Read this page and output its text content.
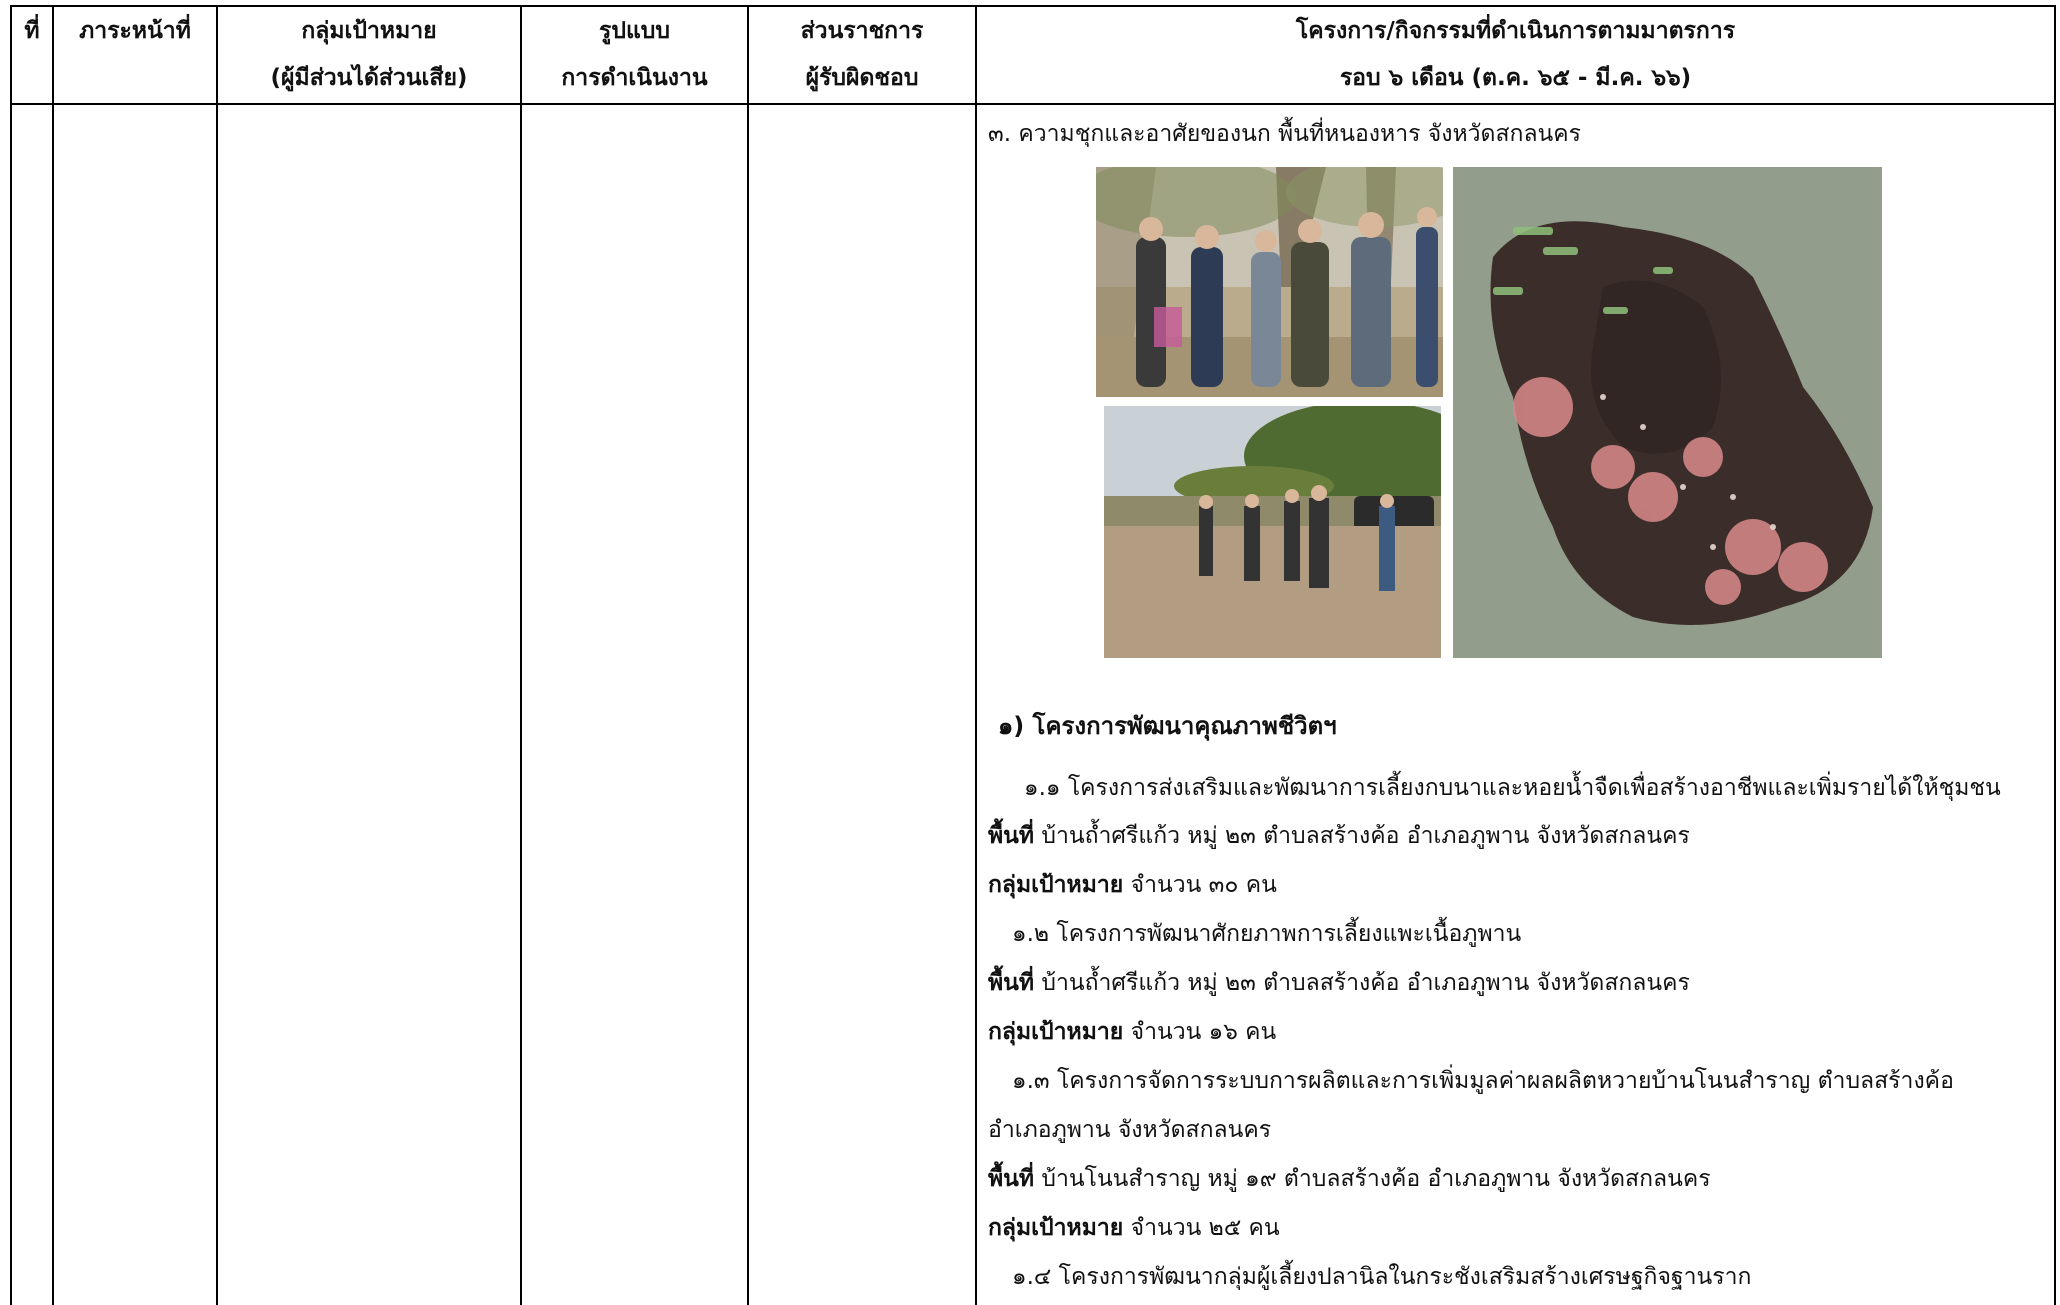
ที่ ภาระหน้าที่	กลุ่มเป้าหมาย
(ผู้มีส่วนได้ส่วนเสีย)
รูปแบบ
การดำเนินงาน
ส่วนราชการ
ผู้รับผิดชอบ
โครงการ/กิจกรรมที่ดำเนินการตามมาตรการ
รอบ ๖ เดือน (ต.ค. ๖๕ - มี.ค. ๖๖)
๓. ความชุกและอาศัยของนก พื้นที่หนองหาร จังหวัดสกลนคร
๑) โครงการพัฒนาคุณภาพชีวิตฯ
๑.๑ โครงการส่งเสริมและพัฒนาการเลี้ยงกบนาและหอยน้ำจืดเพื่อสร้างอาชีพและเพิ่มรายได้ให้ชุมชน
พื้นที่ บ้านถ้ำศรีแก้ว หมู่ ๒๓ ตำบลสร้างค้อ อำเภอภูพาน จังหวัดสกลนคร
กลุ่มเป้าหมาย จำนวน ๓๐ คน
๑.๒ โครงการพัฒนาศักยภาพการเลี้ยงแพะเนื้อภูพาน
พื้นที่ บ้านถ้ำศรีแก้ว หมู่ ๒๓ ตำบลสร้างค้อ อำเภอภูพาน จังหวัดสกลนคร
กลุ่มเป้าหมาย จำนวน ๑๖ คน
๑.๓ โครงการจัดการระบบการผลิตและการเพิ่มมูลค่าผลผลิตหวายบ้านโนนสำราญ ตำบลสร้างค้อ
อำเภอภูพาน จังหวัดสกลนคร
พื้นที่ บ้านโนนสำราญ หมู่ ๑๙ ตำบลสร้างค้อ อำเภอภูพาน จังหวัดสกลนคร
กลุ่มเป้าหมาย จำนวน ๒๕ คน
๑.๔ โครงการพัฒนากลุ่มผู้เลี้ยงปลานิลในกระชังเสริมสร้างเศรษฐกิจฐานราก
